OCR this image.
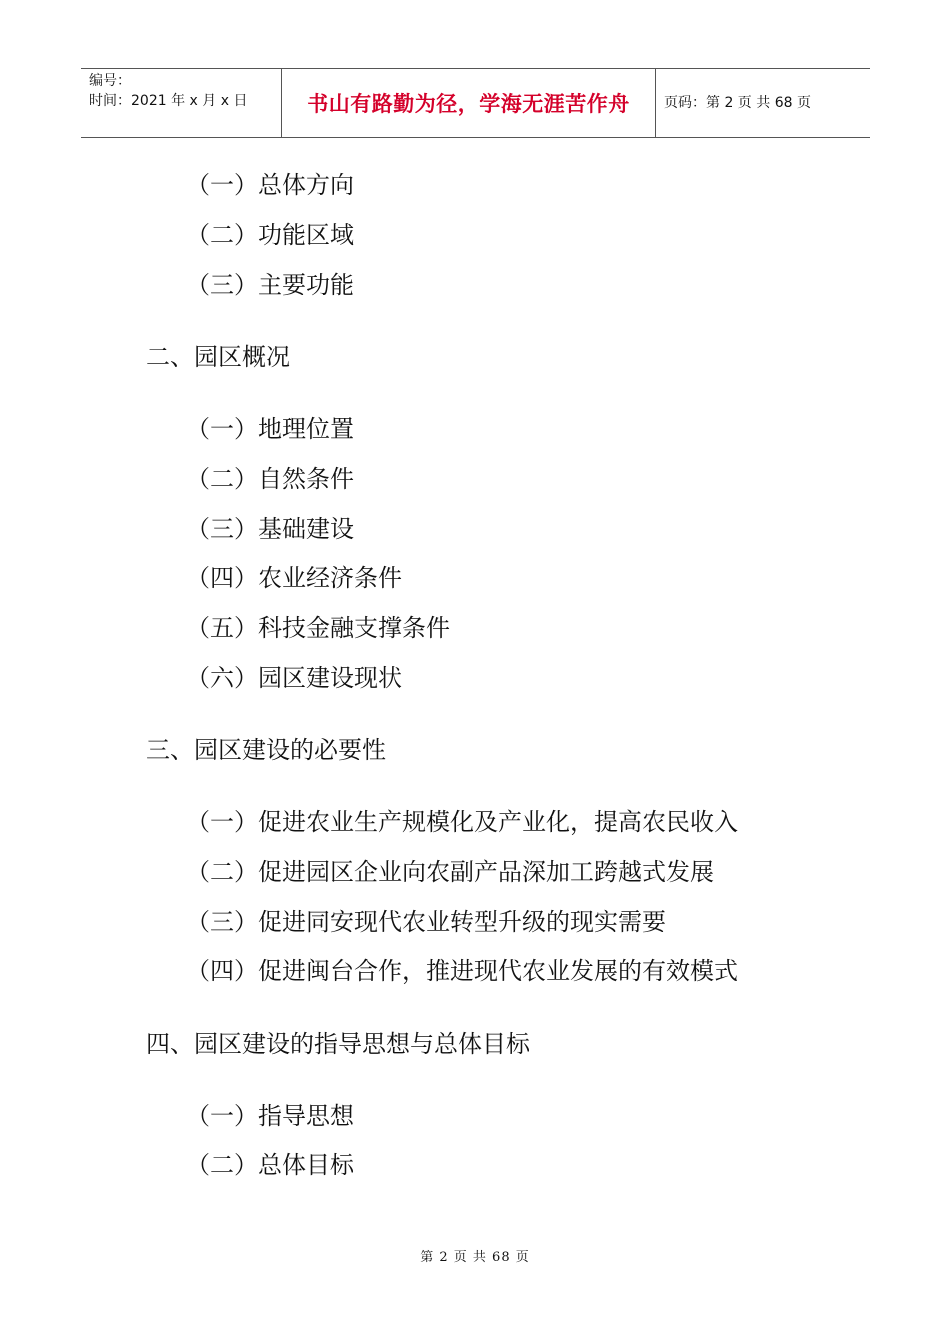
编号：
时间：2021 年 x 月 x 日	书山有路勤为径，学海无涯苦作舟 页码：第 2 页 共 68 页
（一）总体方向
（二）功能区域
（三）主要功能
二、园区概况
（一）地理位置
（二）自然条件
（三）基础建设
（四）农业经济条件
（五）科技金融支撑条件
（六）园区建设现状
三、园区建设的必要性
（一）促进农业生产规模化及产业化，提高农民收入
（二）促进园区企业向农副产品深加工跨越式发展
（三）促进同安现代农业转型升级的现实需要
（四）促进闽台合作，推进现代农业发展的有效模式
四、园区建设的指导思想与总体目标
（一）指导思想
（二）总体目标
第 2 页 共 68 页
